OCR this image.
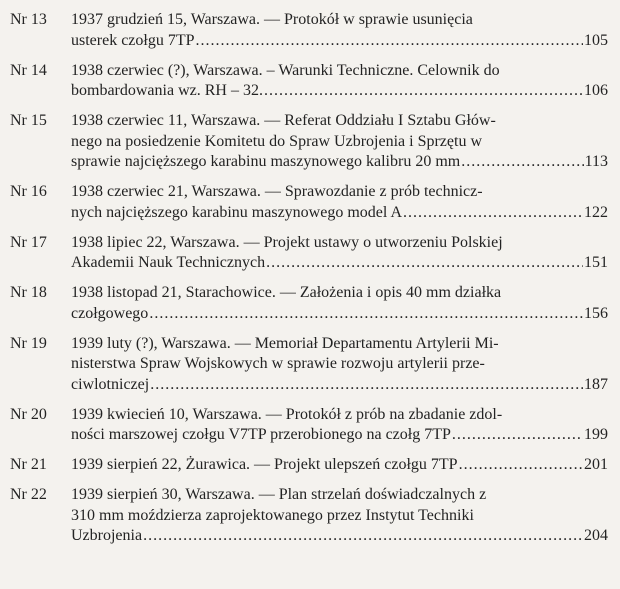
Nr 13	1937 grudzień 15, Warszawa. — Protokół w sprawie usunięcia
usterek czołgu 7TP .....	105
Nr 14	1938 czerwiec (?), Warszawa. – Warunki Techniczne. Celownik do
bombardowania wz. RH – 32. .....	106
Nr 15	1938 czerwiec 11, Warszawa. — Referat Oddziału I Sztabu Głów-
nego na posiedzenie Komitetu do Spraw Uzbrojenia i Sprzętu w
sprawie najcięższego karabinu maszynowego kalibru 20 mm .....	113
Nr 16	1938 czerwiec 21, Warszawa. — Sprawozdanie z prób technicz-
nych najcięższego karabinu maszynowego model A .....	122
Nr 17	1938 lipiec 22, Warszawa. — Projekt ustawy o utworzeniu Polskiej
Akademii Nauk Technicznych .....	151
Nr 18	1938 listopad 21, Starachowice. — Założenia i opis 40 mm działka
czołgowego .....	156
Nr 19	1939 luty (?), Warszawa. — Memoriał Departamentu Artylerii Mi-
nisterstwa Spraw Wojskowych w sprawie rozwoju artylerii prze-
ciwlotniczej .....	187
Nr 20	1939 kwiecień 10, Warszawa. — Protokół z prób na zbadanie zdol-
ności marszowej czołgu V7TP przerobionego na czołg 7TP .....	199
Nr 21	1939 sierpień 22, Żurawica. — Projekt ulepszeń czołgu 7TP .....	201
Nr 22	1939 sierpień 30, Warszawa. — Plan strzelań doświadczalnych z
310 mm moździerza zaprojektowanego przez Instytut Techniki
Uzbrojenia .....	204
